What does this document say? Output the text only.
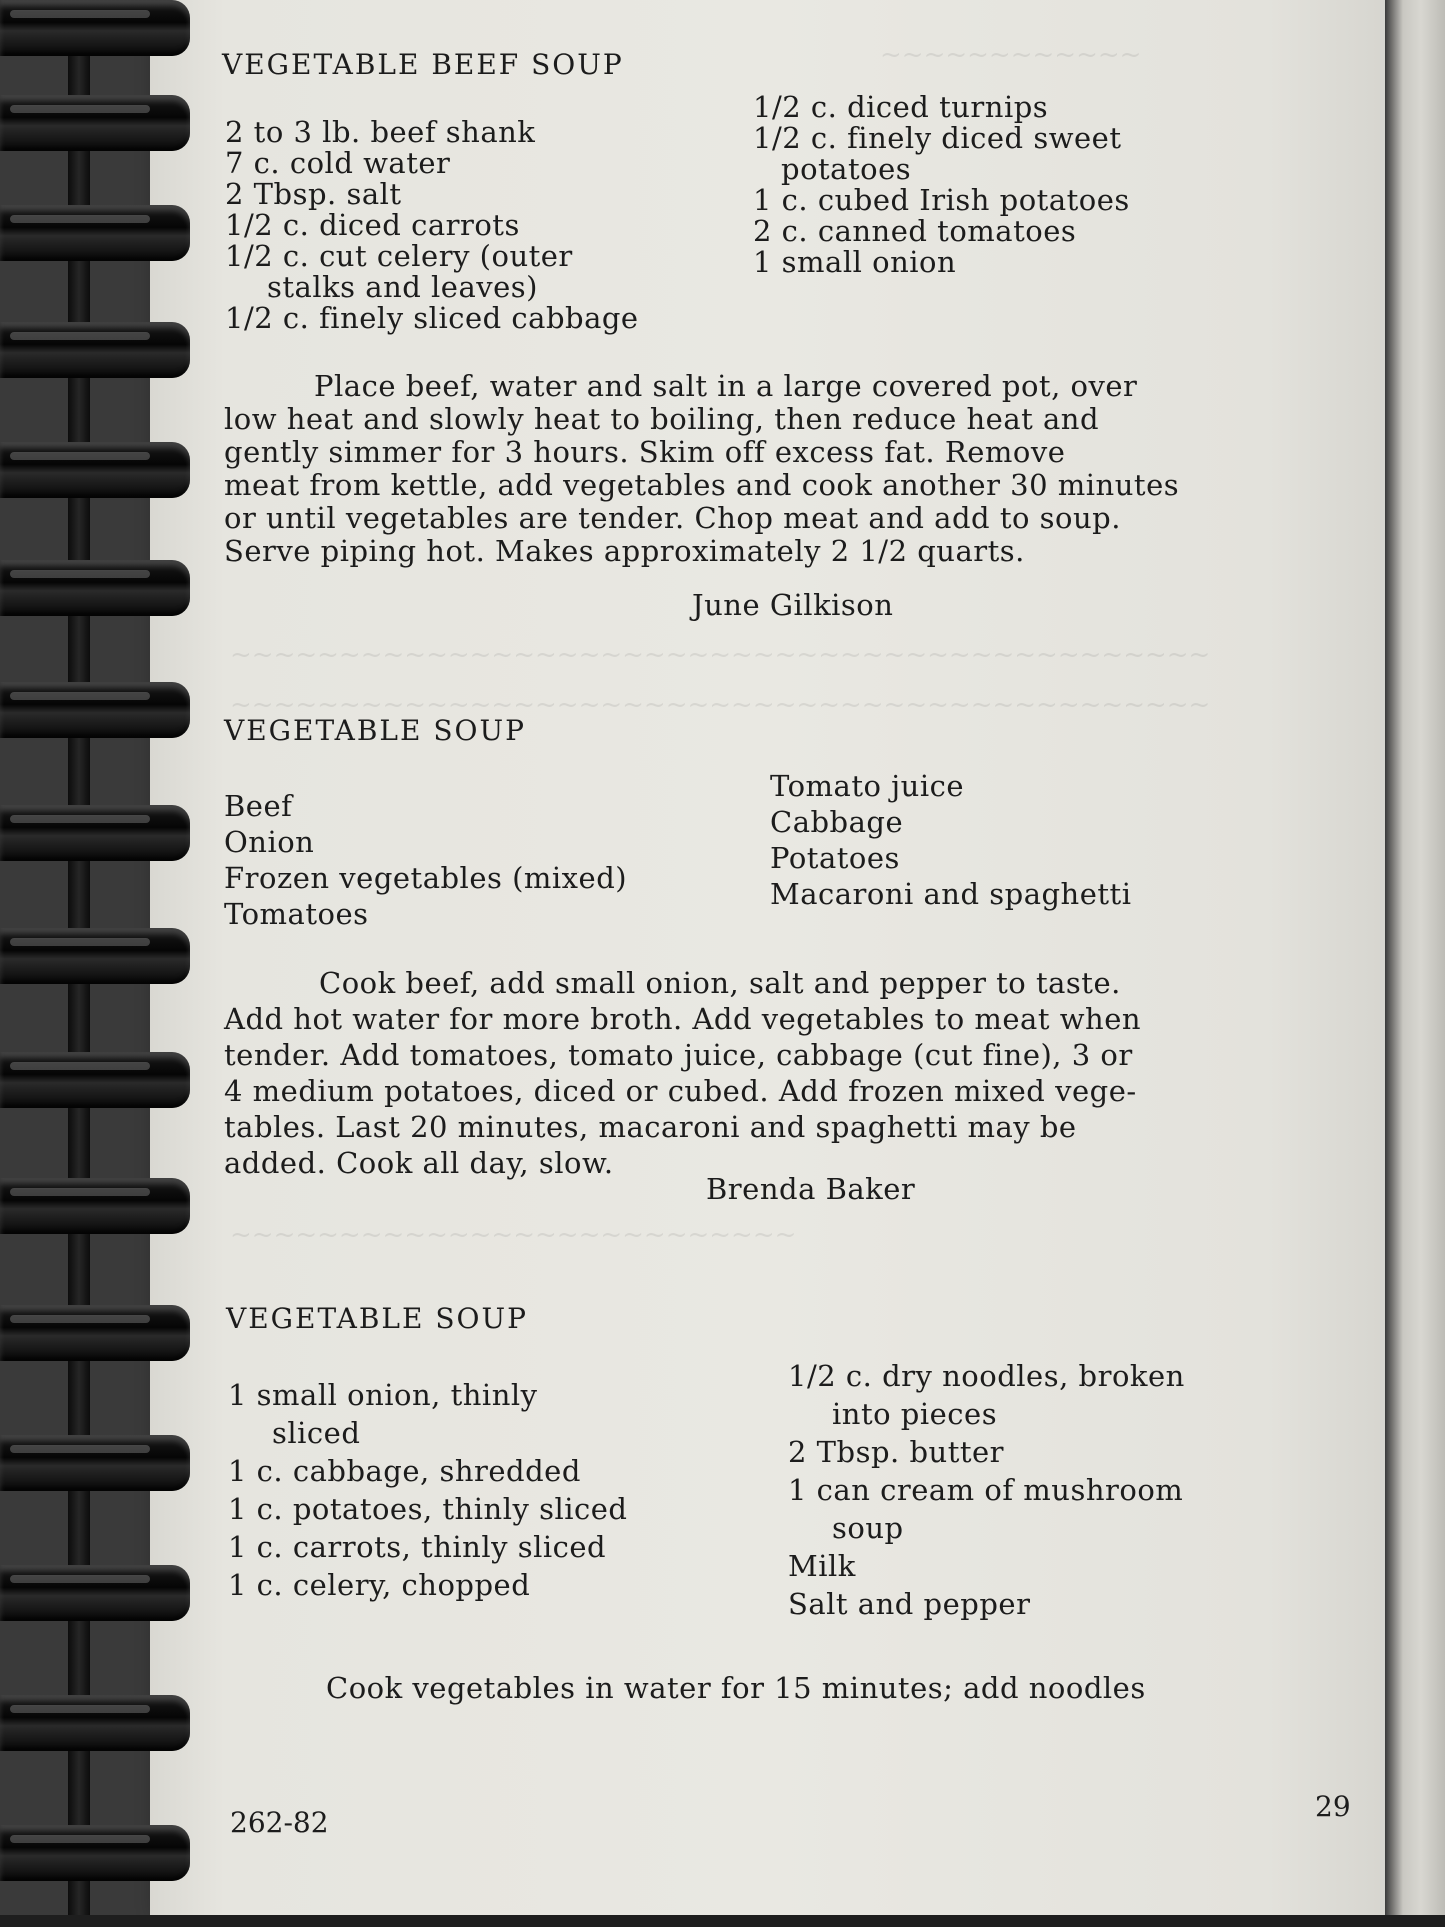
~~~~~~~~~~~~
~~~~~~~~~~~~~~~~~~~~~~~~~~~~~~~~~~~~~~~~~~~~~
~~~~~~~~~~~~~~~~~~~~~~~~~~~~~~~~~~~~~~~~~~~~~
~~~~~~~~~~~~~~~~~~~~~~~~~~
VEGETABLE BEEF SOUP
2 to 3 lb. beef shank
7 c. cold water
2 Tbsp. salt
1/2 c. diced carrots
1/2 c. cut celery (outer
stalks and leaves)
1/2 c. finely sliced cabbage
1/2 c. diced turnips
1/2 c. finely diced sweet
potatoes
1 c. cubed Irish potatoes
2 c. canned tomatoes
1 small onion
Place beef, water and salt in a large covered pot, over
low heat and slowly heat to boiling, then reduce heat and
gently simmer for 3 hours. Skim off excess fat. Remove
meat from kettle, add vegetables and cook another 30 minutes
or until vegetables are tender. Chop meat and add to soup.
Serve piping hot. Makes approximately 2 1/2 quarts.
June Gilkison
VEGETABLE SOUP
Beef
Onion
Frozen vegetables (mixed)
Tomatoes
Tomato juice
Cabbage
Potatoes
Macaroni and spaghetti
Cook beef, add small onion, salt and pepper to taste.
Add hot water for more broth. Add vegetables to meat when
tender. Add tomatoes, tomato juice, cabbage (cut fine), 3 or
4 medium potatoes, diced or cubed. Add frozen mixed vege-
tables. Last 20 minutes, macaroni and spaghetti may be
added. Cook all day, slow.
Brenda Baker
VEGETABLE SOUP
1 small onion, thinly
sliced
1 c. cabbage, shredded
1 c. potatoes, thinly sliced
1 c. carrots, thinly sliced
1 c. celery, chopped
1/2 c. dry noodles, broken
into pieces
2 Tbsp. butter
1 can cream of mushroom
soup
Milk
Salt and pepper
Cook vegetables in water for 15 minutes; add noodles
262-82	29
